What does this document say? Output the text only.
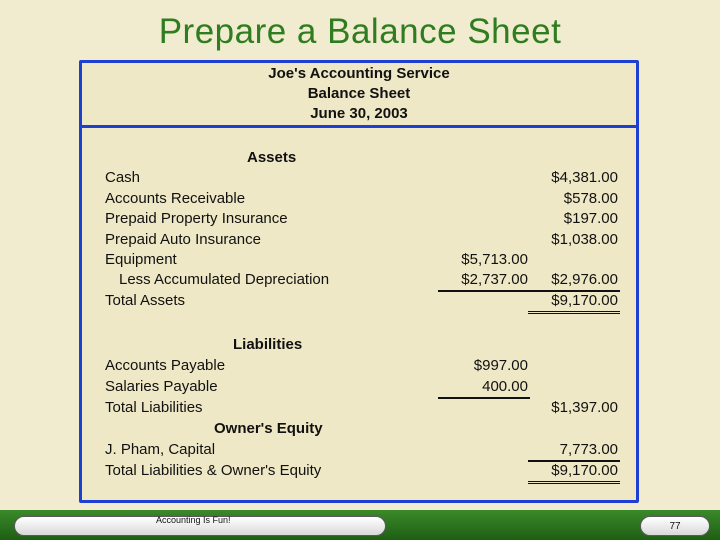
Prepare a Balance Sheet
Joe's Accounting Service
Balance Sheet
June 30, 2003
Assets
Cash	$4,381.00
Accounts Receivable	$578.00
Prepaid Property Insurance	$197.00
Prepaid Auto Insurance	$1,038.00
Equipment	$5,713.00
Less Accumulated Depreciation	$2,737.00	$2,976.00
Total Assets	$9,170.00
Liabilities
Accounts Payable	$997.00
Salaries Payable	400.00
Total Liabilities	$1,397.00
Owner's Equity
J. Pham, Capital	7,773.00
Total Liabilities & Owner's Equity	$9,170.00
Accounting Is Fun!
77
